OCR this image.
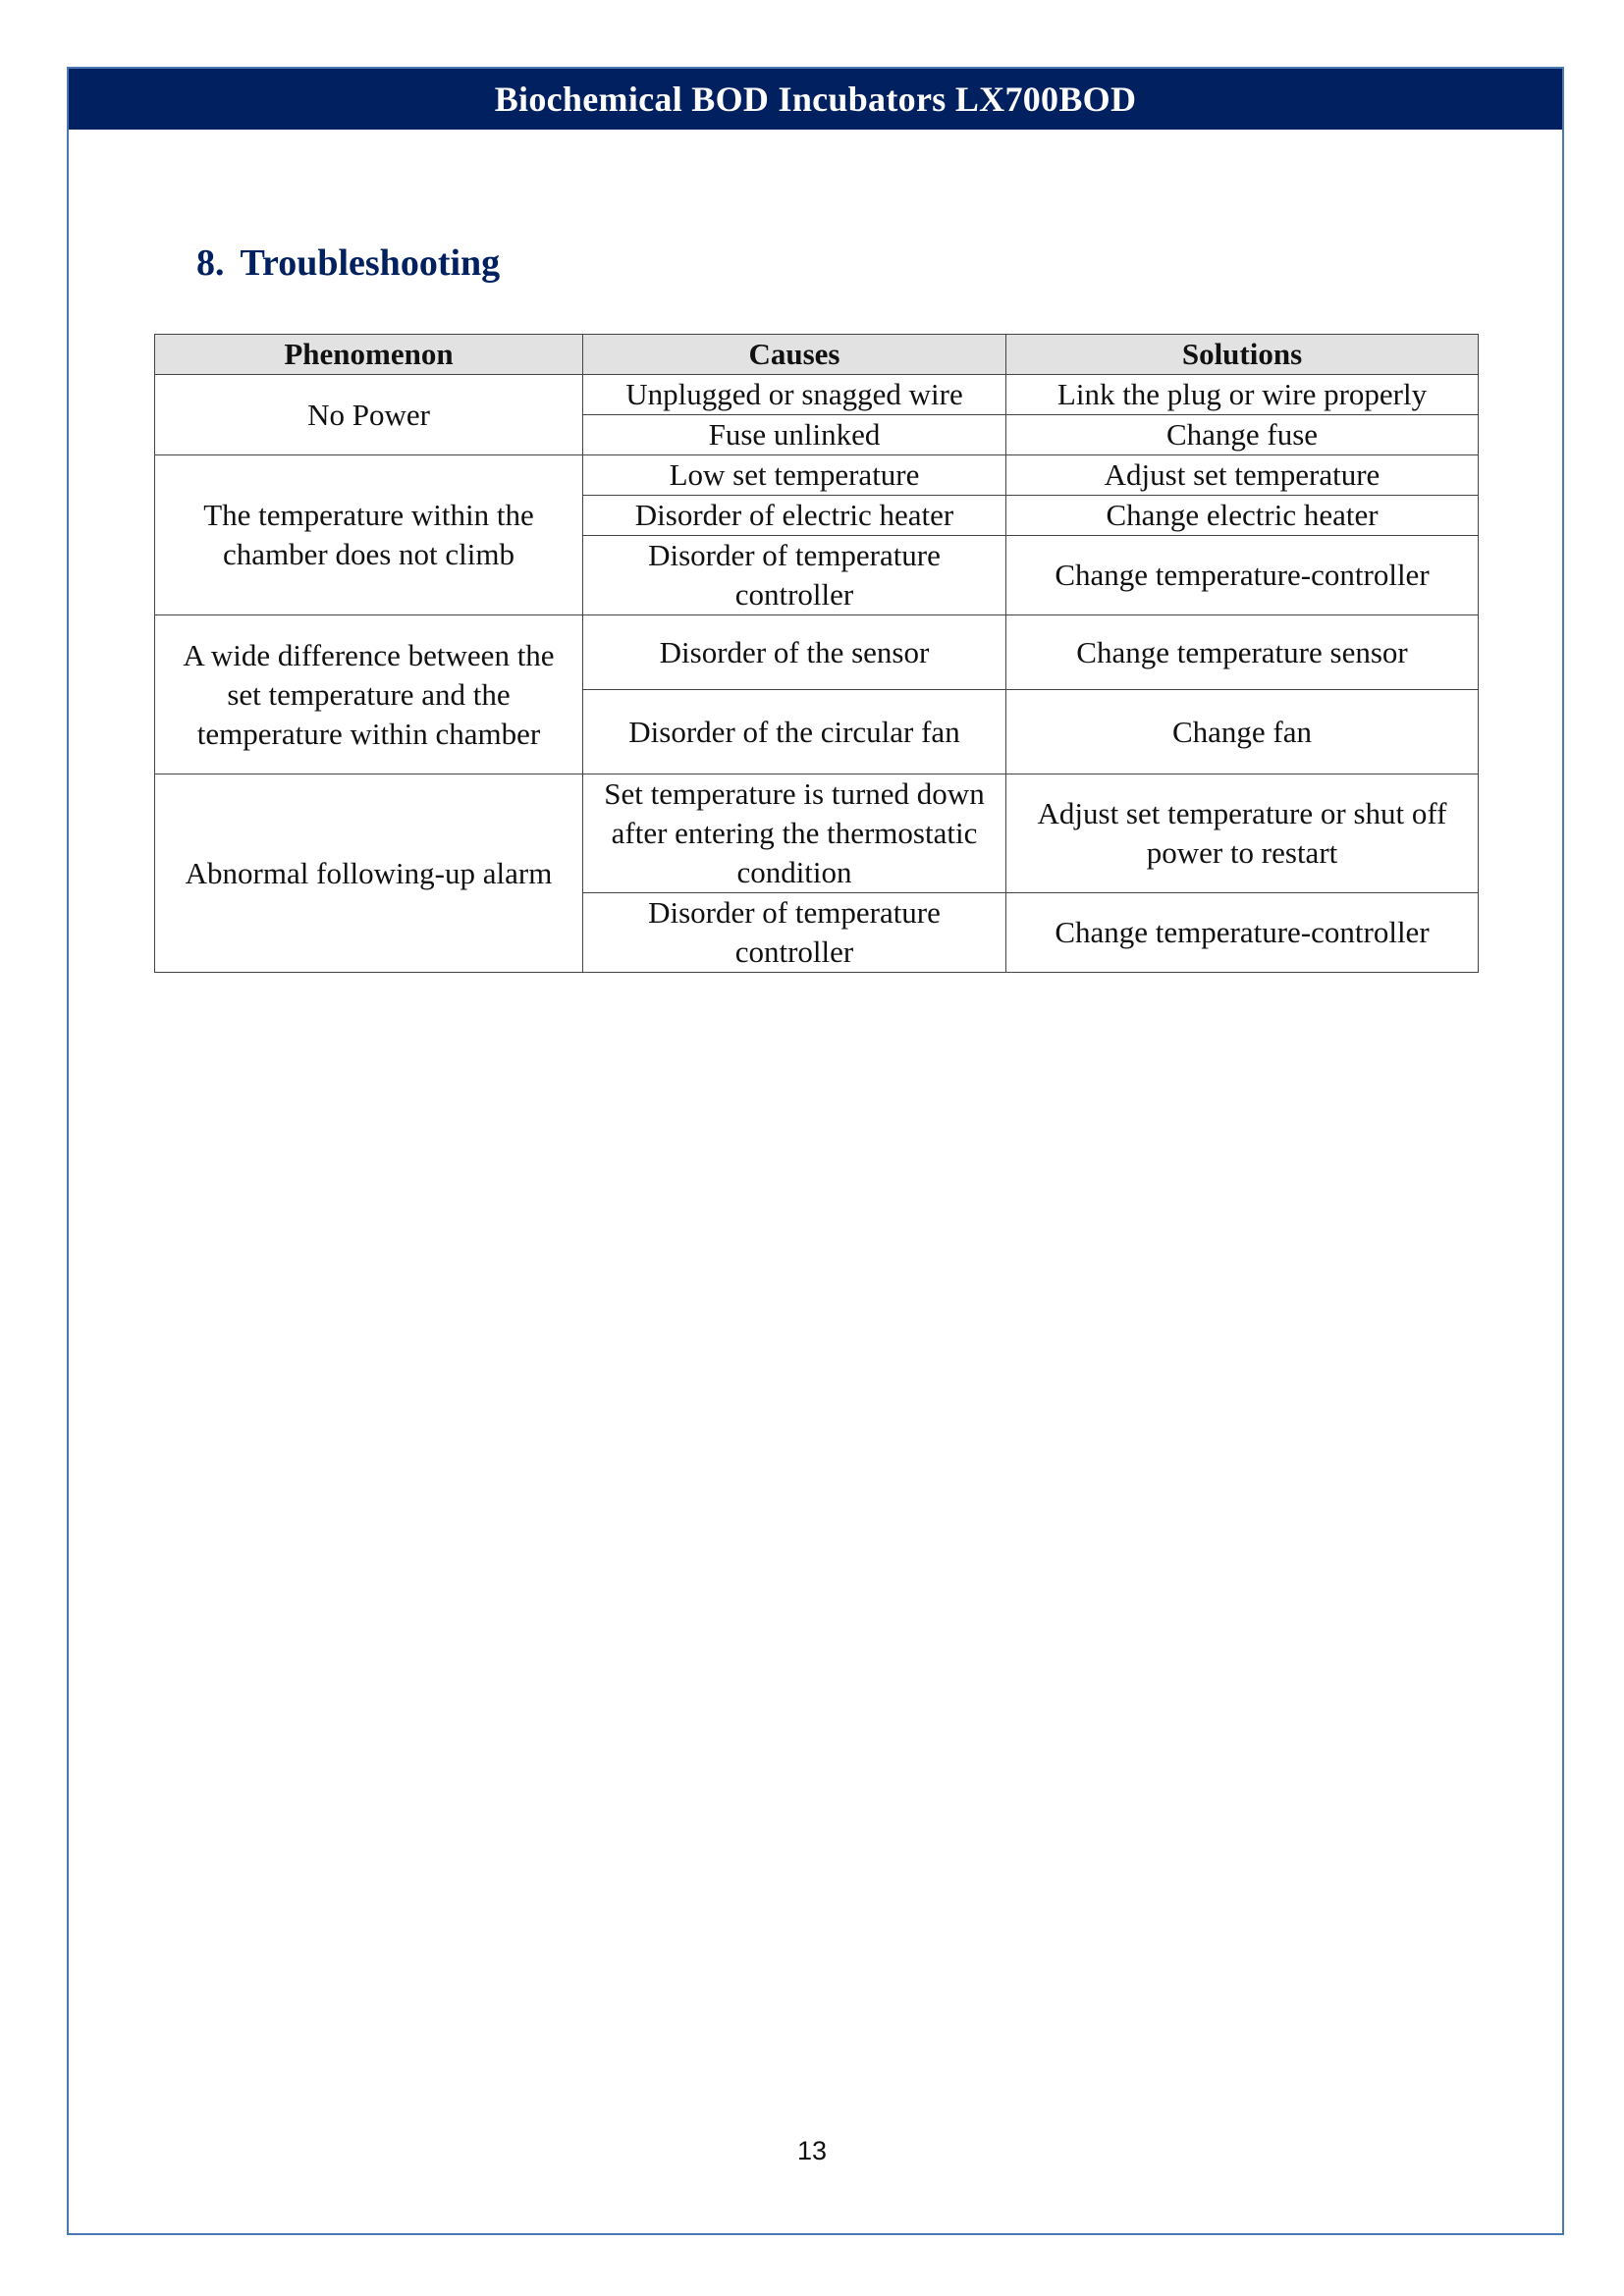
Biochemical BOD Incubators LX700BOD
8. Troubleshooting
Phenomenon	Causes	Solutions
No Power	Unplugged or snagged wire	Link the plug or wire properly
	Fuse unlinked	Change fuse
The temperature within the chamber does not climb	Low set temperature	Adjust set temperature
	Disorder of electric heater	Change electric heater
	Disorder of temperature controller	Change temperature-controller
A wide difference between the set temperature and the temperature within chamber	Disorder of the sensor	Change temperature sensor
	Disorder of the circular fan	Change fan
Abnormal following-up alarm	Set temperature is turned down after entering the thermostatic condition	Adjust set temperature or shut off power to restart
	Disorder of temperature controller	Change temperature-controller
13
